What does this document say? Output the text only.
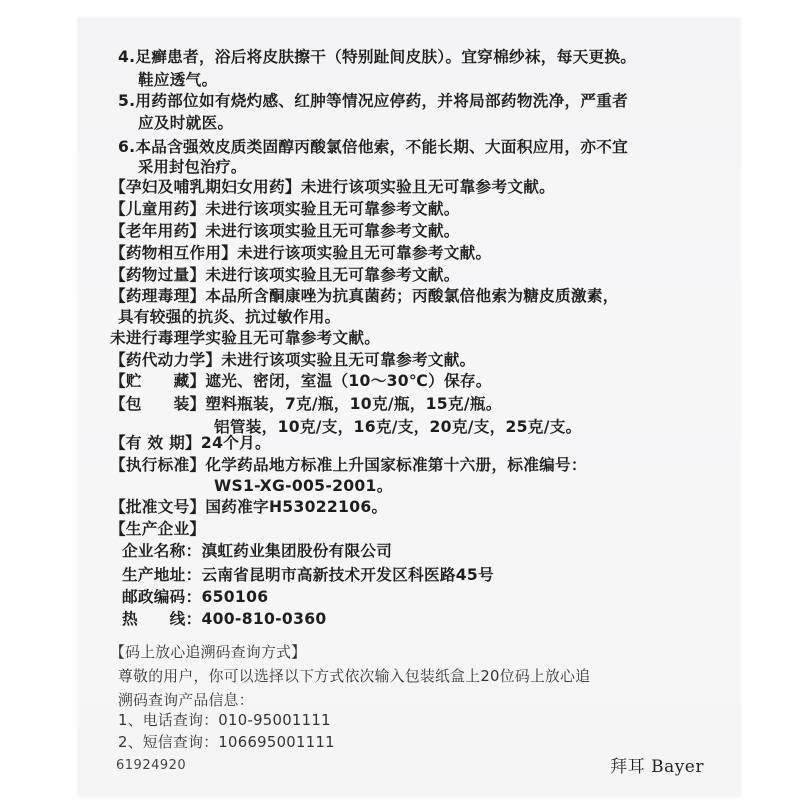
4.足癣患者，浴后将皮肤擦干（特别趾间皮肤）。宜穿棉纱袜，每天更换。
鞋应透气。
5.用药部位如有烧灼感、红肿等情况应停药，并将局部药物洗净，严重者
应及时就医。
6.本品含强效皮质类固醇丙酸氯倍他索，不能长期、大面积应用，亦不宜
采用封包治疗。
【孕妇及哺乳期妇女用药】未进行该项实验且无可靠参考文献。
【儿童用药】未进行该项实验且无可靠参考文献。
【老年用药】未进行该项实验且无可靠参考文献。
【药物相互作用】未进行该项实验且无可靠参考文献。
【药物过量】未进行该项实验且无可靠参考文献。
【药理毒理】本品所含酮康唑为抗真菌药；丙酸氯倍他索为糖皮质激素，
具有较强的抗炎、抗过敏作用。
未进行毒理学实验且无可靠参考文献。
【药代动力学】未进行该项实验且无可靠参考文献。
【贮　　藏】遮光、密闭，室温（10～30℃）保存。
【包　　装】塑料瓶装，7克/瓶，10克/瓶，15克/瓶。
铝管装，10克/支，16克/支，20克/支，25克/支。
【有 效 期】24个月。
【执行标准】化学药品地方标准上升国家标准第十六册，标准编号：
WS1-XG-005-2001。
【批准文号】国药准字H53022106。
【生产企业】
企业名称：滇虹药业集团股份有限公司
生产地址：云南省昆明市高新技术开发区科医路45号
邮政编码：650106
热　　线：400-810-0360
【码上放心追溯码查询方式】
尊敬的用户，你可以选择以下方式依次输入包装纸盒上20位码上放心追
溯码查询产品信息：
1、电话查询：010-95001111
2、短信查询：106695001111
61924920	拜耳 Bayer
